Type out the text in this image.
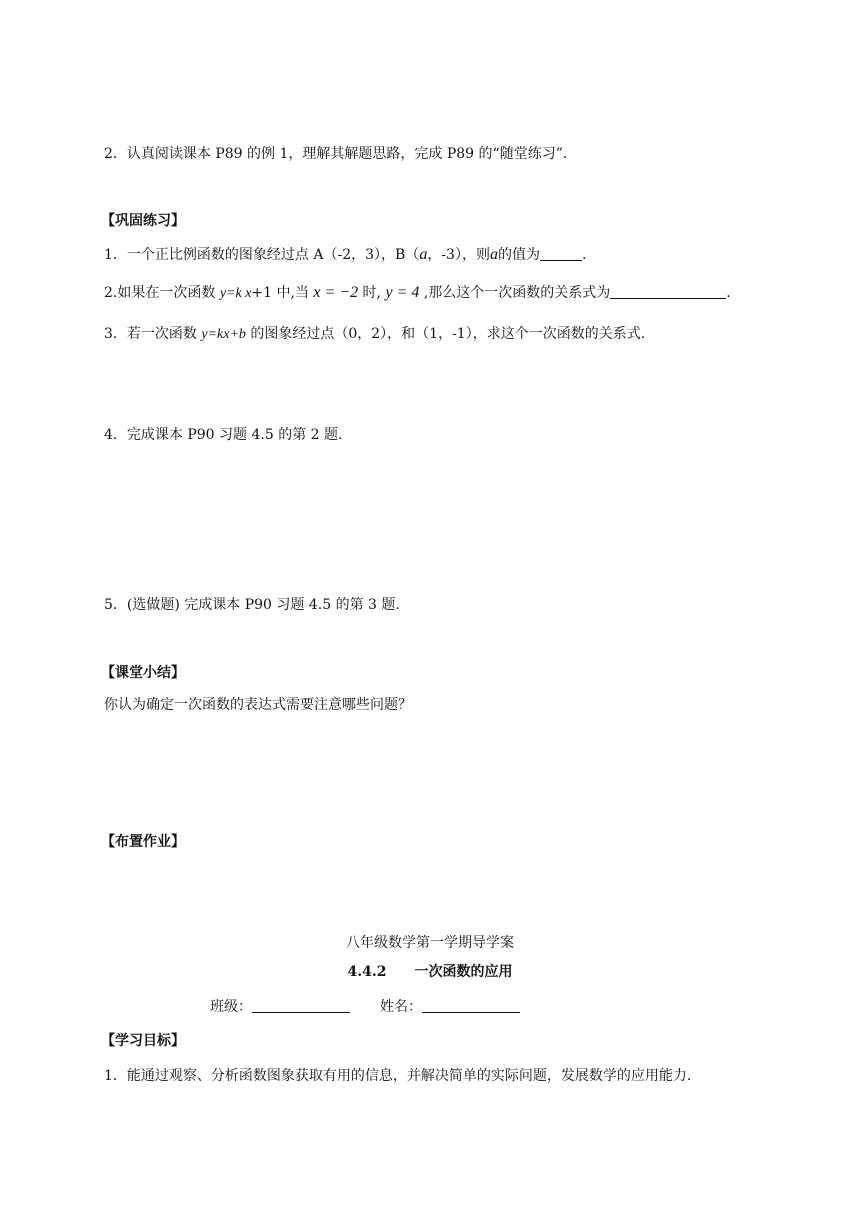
2．认真阅读课本 P89 的例 1，理解其解题思路，完成 P89 的“随堂练习”．
【巩固练习】
1．一个正比例函数的图象经过点 A（-2，3），B（a，-3），则a的值为	.
2.如果在一次函数 y=k x+1 中,当 x = −2 时, y = 4 ,那么这个一次函数的关系式为	.
3．若一次函数 y=kx+b 的图象经过点（0，2），和（1，-1），求这个一次函数的关系式.
4．完成课本 P90 习题 4.5 的第 2 题.
5．(选做题) 完成课本 P90 习题 4.5 的第 3 题.
【课堂小结】
你认为确定一次函数的表达式需要注意哪些问题？
【布置作业】
八年级数学第一学期导学案
4.4.2　　一次函数的应用
班级：	姓名：
【学习目标】
1．能通过观察、分析函数图象获取有用的信息，并解决简单的实际问题，发展数学的应用能力.
